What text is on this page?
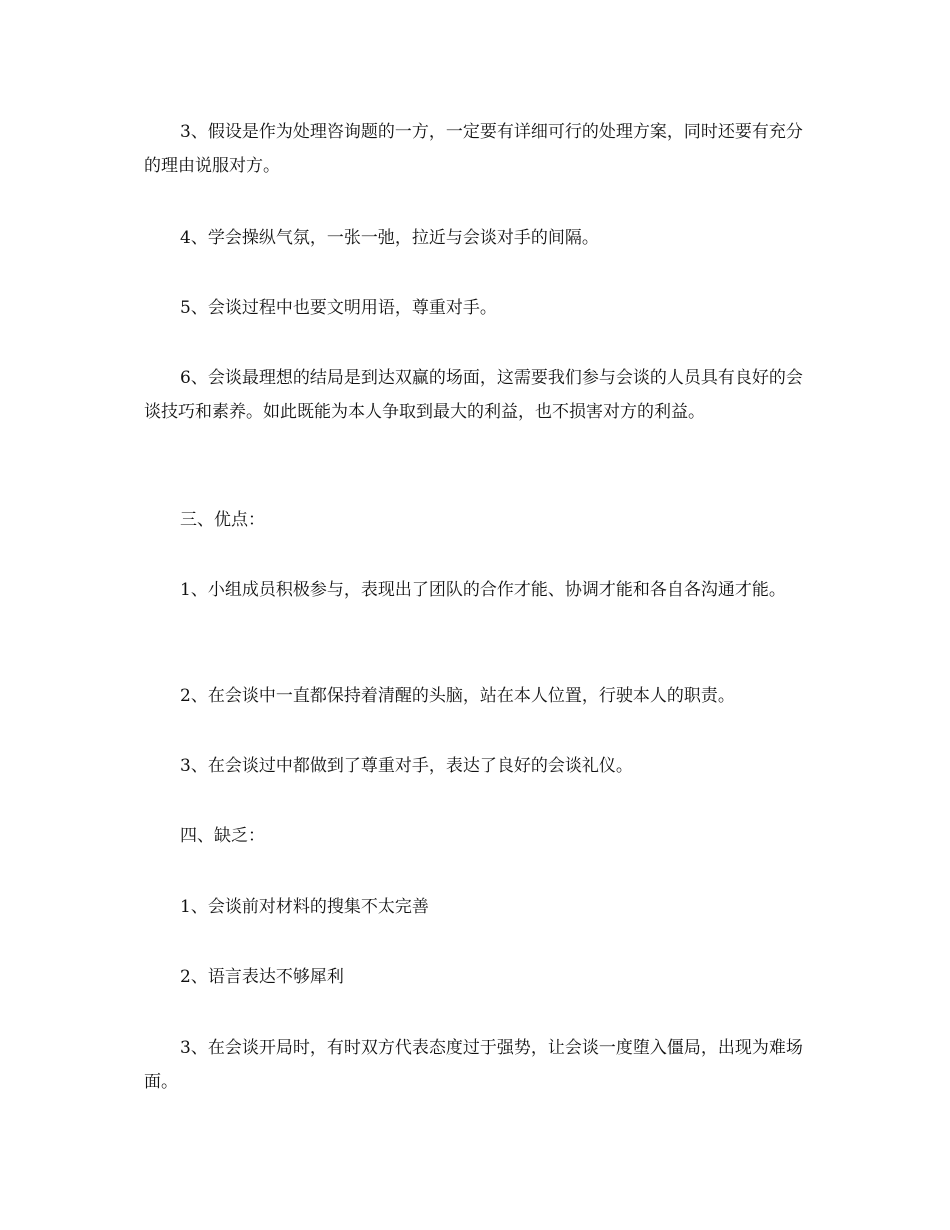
3、假设是作为处理咨询题的一方，一定要有详细可行的处理方案，同时还要有充分的理由说服对方。

4、学会操纵气氛，一张一弛，拉近与会谈对手的间隔。

5、会谈过程中也要文明用语，尊重对手。

6、会谈最理想的结局是到达双赢的场面，这需要我们参与会谈的人员具有良好的会谈技巧和素养。如此既能为本人争取到最大的利益，也不损害对方的利益。

三、优点：

1、小组成员积极参与，表现出了团队的合作才能、协调才能和各自各沟通才能。

2、在会谈中一直都保持着清醒的头脑，站在本人位置，行驶本人的职责。

3、在会谈过中都做到了尊重对手，表达了良好的会谈礼仪。

四、缺乏：

1、会谈前对材料的搜集不太完善

2、语言表达不够犀利

3、在会谈开局时，有时双方代表态度过于强势，让会谈一度堕入僵局，出现为难场面。
